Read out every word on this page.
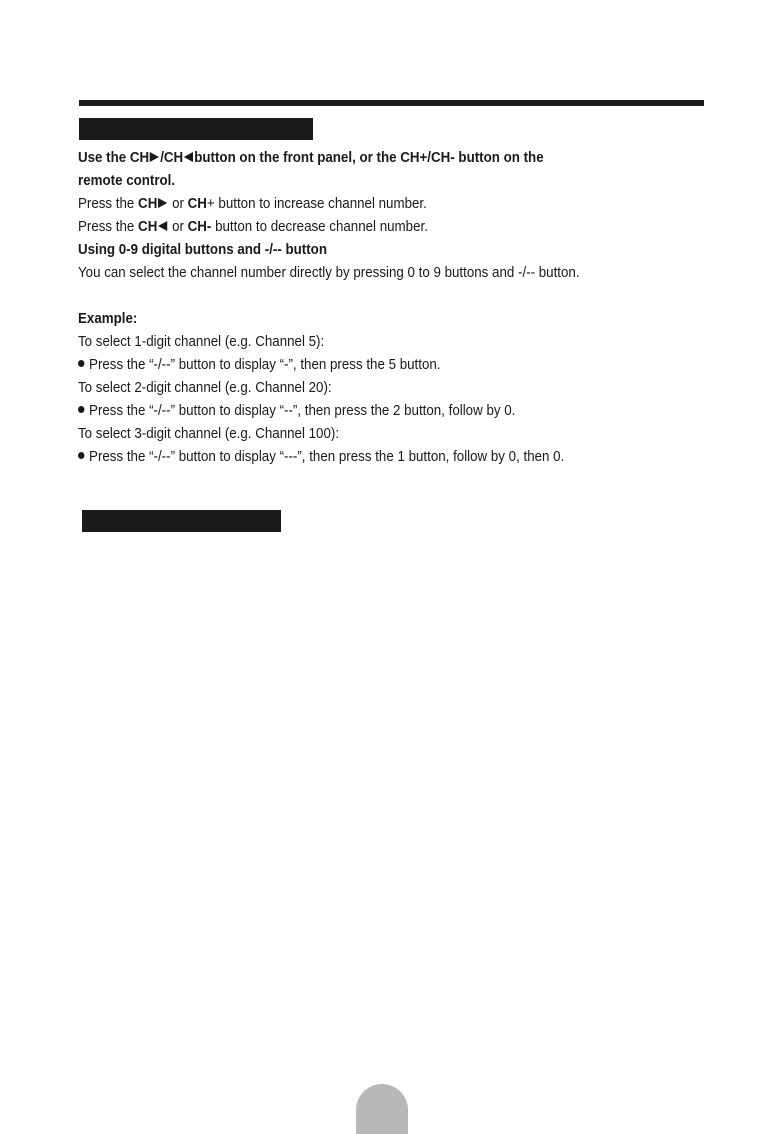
Use the CH /CH button on the front panel, or the CH+/CH- button on the
remote control.
Press the CH or CH+ button to increase channel number.
Press the CH or CH- button to decrease channel number.
Using 0-9 digital buttons and -/-- button
You can select the channel number directly by pressing 0 to 9 buttons and -/-- button.
Example:
To select 1-digit channel (e.g. Channel 5):
Press the “-/--” button to display “-”, then press the 5 button.
To select 2-digit channel (e.g. Channel 20):
Press the “-/--” button to display “--”, then press the 2 button, follow by 0.
To select 3-digit channel (e.g. Channel 100):
Press the “-/--” button to display “---”, then press the 1 button, follow by 0, then 0.
